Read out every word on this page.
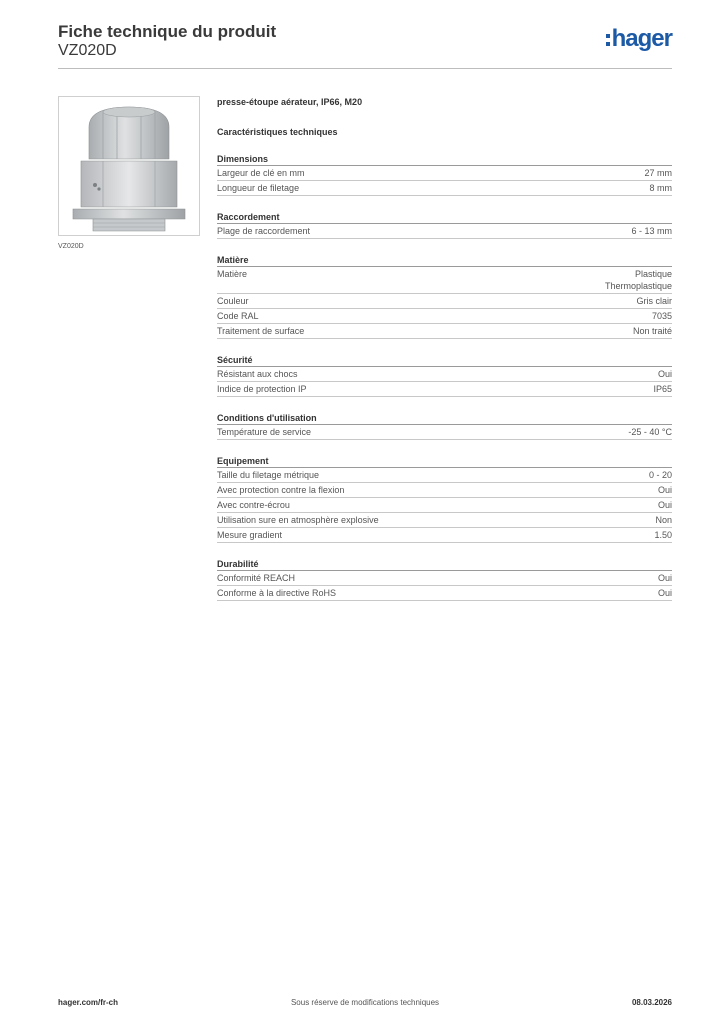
Fiche technique du produit
VZ020D	hager
VZ020D
presse-étoupe aérateur, IP66, M20
Caractéristiques techniques
Dimensions
Largeur de clé en mm	27 mm
Longueur de filetage	8 mm
Raccordement
Plage de raccordement	6 - 13 mm
Matière
Matière	Plastique
Thermoplastique
Couleur	Gris clair
Code RAL	7035
Traitement de surface	Non traité
Sécurité
Résistant aux chocs	Oui
Indice de protection IP	IP65
Conditions d'utilisation
Température de service	-25 - 40 °C
Equipement
Taille du filetage métrique	0 - 20
Avec protection contre la flexion	Oui
Avec contre-écrou	Oui
Utilisation sure en atmosphère explosive	Non
Mesure gradient	1.50
Durabilité
Conformité REACH	Oui
Conforme à la directive RoHS	Oui
hager.com/fr-ch	Sous réserve de modifications techniques	08.03.2026
